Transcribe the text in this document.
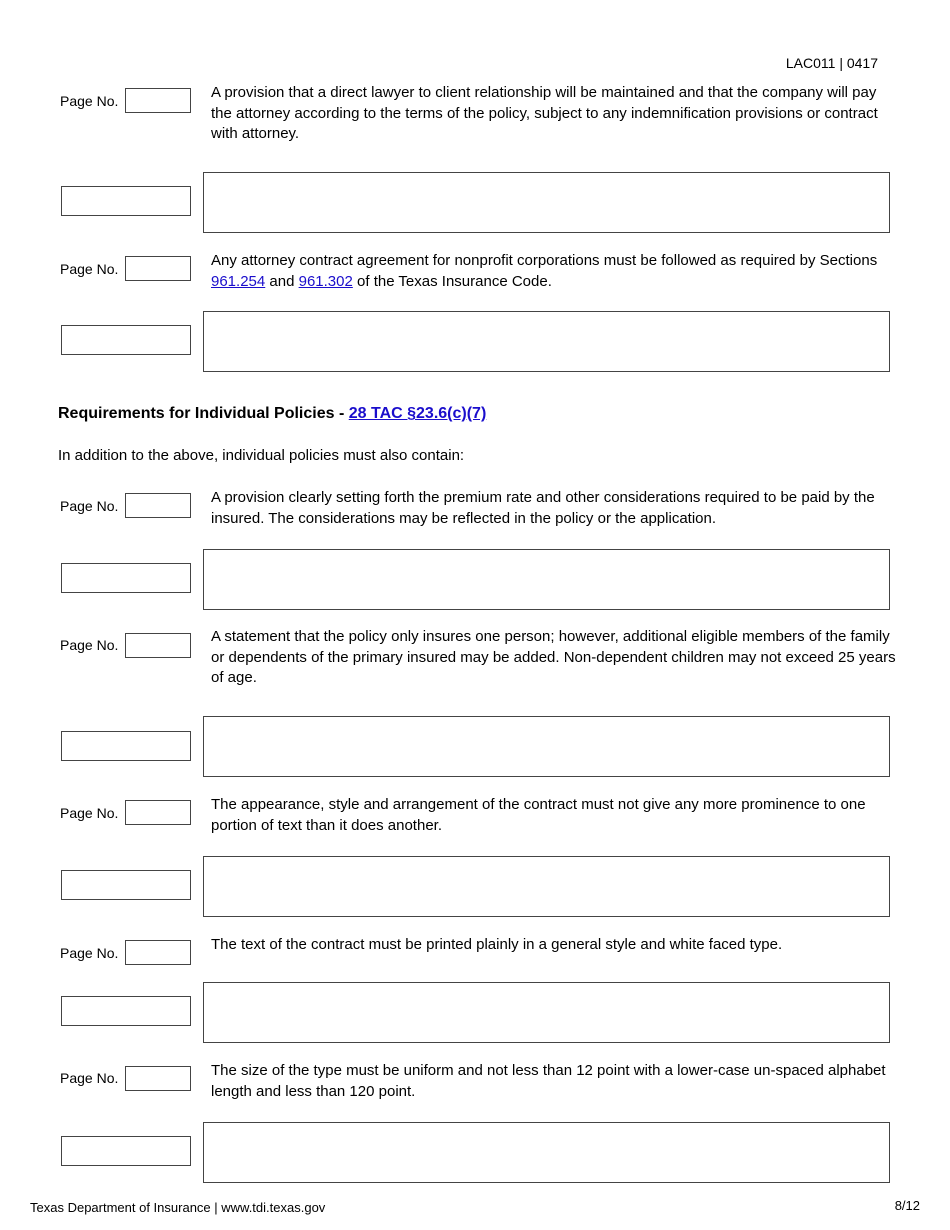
LAC011 | 0417
Page No.	A provision that a direct lawyer to client relationship will be maintained and that the company will pay the attorney according to the terms of the policy, subject to any indemnification provisions or contract with attorney.
Page No.	Any attorney contract agreement for nonprofit corporations must be followed as required by Sections 961.254 and 961.302 of the Texas Insurance Code.
Requirements for Individual Policies - 28 TAC §23.6(c)(7)
In addition to the above, individual policies must also contain:
Page No.	A provision clearly setting forth the premium rate and other considerations required to be paid by the insured. The considerations may be reflected in the policy or the application.
Page No.	A statement that the policy only insures one person; however, additional eligible members of the family or dependents of the primary insured may be added. Non-dependent children may not exceed 25 years of age.
Page No.	The appearance, style and arrangement of the contract must not give any more prominence to one portion of text than it does another.
Page No.	The text of the contract must be printed plainly in a general style and white faced type.
Page No.	The size of the type must be uniform and not less than 12 point with a lower-case un-spaced alphabet length and less than 120 point.
Texas Department of Insurance | www.tdi.texas.gov	8/12
